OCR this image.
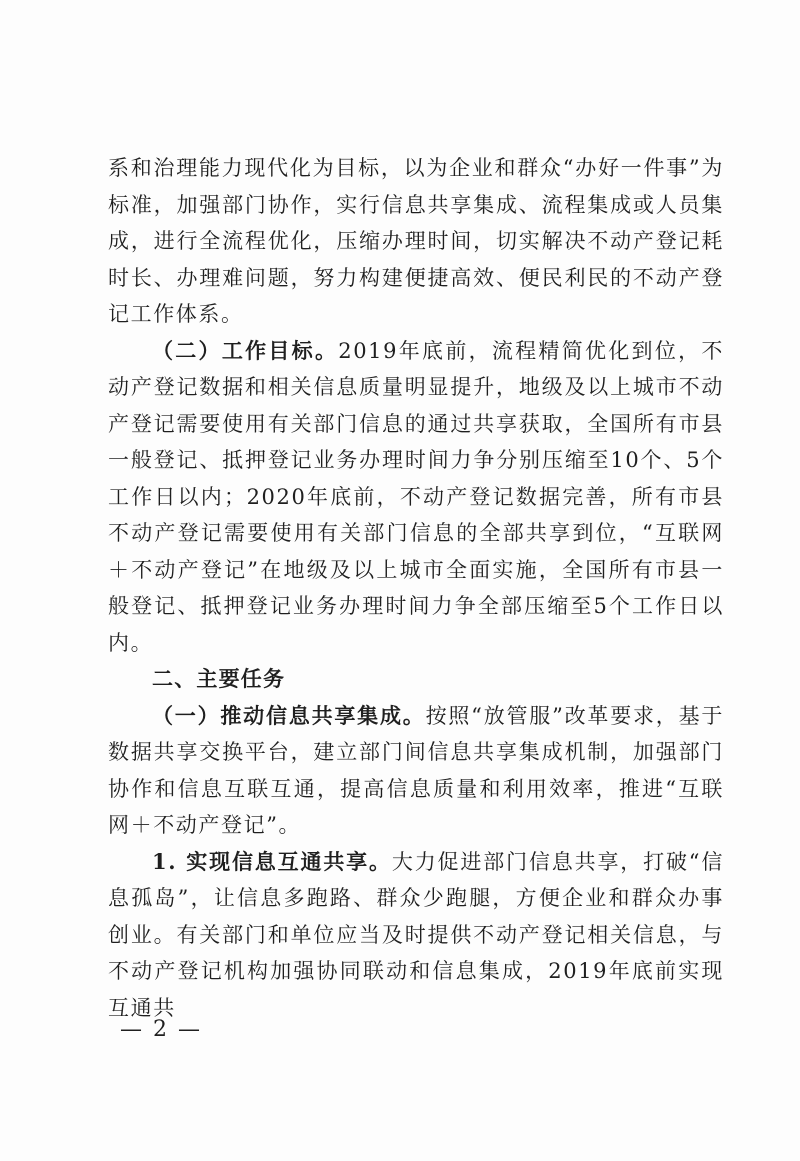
系和治理能力现代化为目标，以为企业和群众“办好一件事”为标准，加强部门协作，实行信息共享集成、流程集成或人员集成，进行全流程优化，压缩办理时间，切实解决不动产登记耗时长、办理难问题，努力构建便捷高效、便民利民的不动产登记工作体系。

（二）工作目标。2019年底前，流程精简优化到位，不动产登记数据和相关信息质量明显提升，地级及以上城市不动产登记需要使用有关部门信息的通过共享获取，全国所有市县一般登记、抵押登记业务办理时间力争分别压缩至10个、5个工作日以内；2020年底前，不动产登记数据完善，所有市县不动产登记需要使用有关部门信息的全部共享到位，“互联网＋不动产登记”在地级及以上城市全面实施，全国所有市县一般登记、抵押登记业务办理时间力争全部压缩至5个工作日以内。

二、主要任务

（一）推动信息共享集成。按照“放管服”改革要求，基于数据共享交换平台，建立部门间信息共享集成机制，加强部门协作和信息互联互通，提高信息质量和利用效率，推进“互联网＋不动产登记”。

1. 实现信息互通共享。大力促进部门信息共享，打破“信息孤岛”，让信息多跑路、群众少跑腿，方便企业和群众办事创业。有关部门和单位应当及时提供不动产登记相关信息，与不动产登记机构加强协同联动和信息集成，2019年底前实现互通共

— 2 —
